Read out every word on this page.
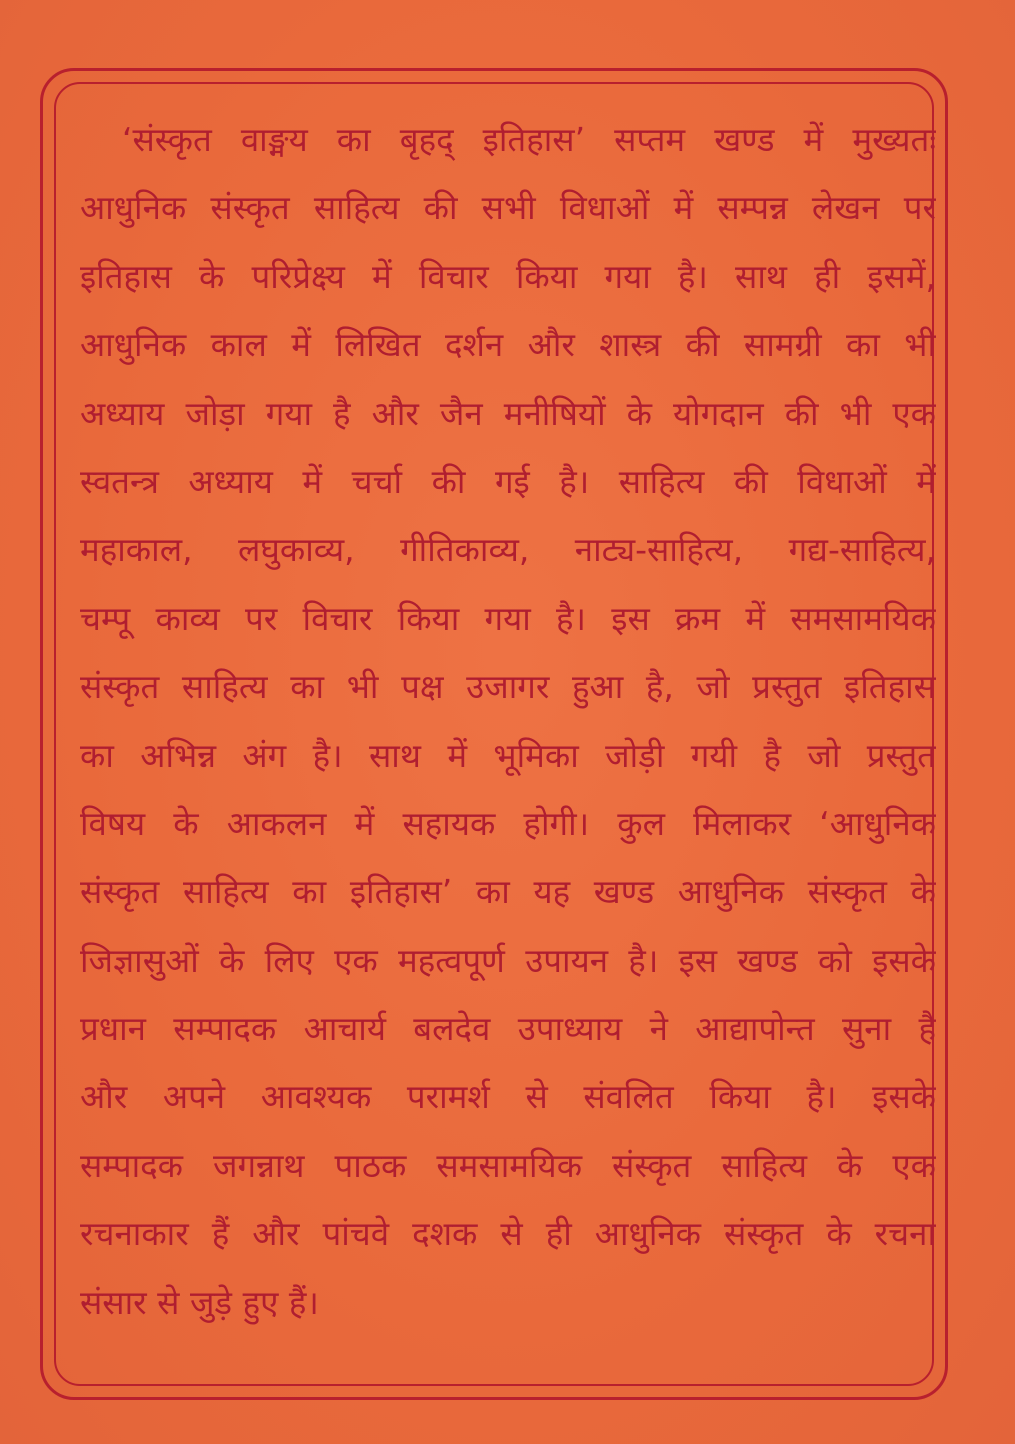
‘संस्कृत वाङ्मय का बृहद् इतिहास’ सप्तम खण्ड में मुख्यतः
आधुनिक संस्कृत साहित्य की सभी विधाओं में सम्पन्न लेखन पर
इतिहास के परिप्रेक्ष्य में विचार किया गया है। साथ ही इसमें,
आधुनिक काल में लिखित दर्शन और शास्त्र की सामग्री का भी
अध्याय जोड़ा गया है और जैन मनीषियों के योगदान की भी एक
स्वतन्त्र अध्याय में चर्चा की गई है। साहित्य की विधाओं में
महाकाल, लघुकाव्य, गीतिकाव्य, नाट्य-साहित्य, गद्य-साहित्य,
चम्पू काव्य पर विचार किया गया है। इस क्रम में समसामयिक
संस्कृत साहित्य का भी पक्ष उजागर हुआ है, जो प्रस्तुत इतिहास
का अभिन्न अंग है। साथ में भूमिका जोड़ी गयी है जो प्रस्तुत
विषय के आकलन में सहायक होगी। कुल मिलाकर ‘आधुनिक
संस्कृत साहित्य का इतिहास’ का यह खण्ड आधुनिक संस्कृत के
जिज्ञासुओं के लिए एक महत्वपूर्ण उपायन है। इस खण्ड को इसके
प्रधान सम्पादक आचार्य बलदेव उपाध्याय ने आद्यापोन्त सुना है
और अपने आवश्यक परामर्श से संवलित किया है। इसके
सम्पादक जगन्नाथ पाठक समसामयिक संस्कृत साहित्य के एक
रचनाकार हैं और पांचवे दशक से ही आधुनिक संस्कृत के रचना
संसार से जुड़े हुए हैं।
